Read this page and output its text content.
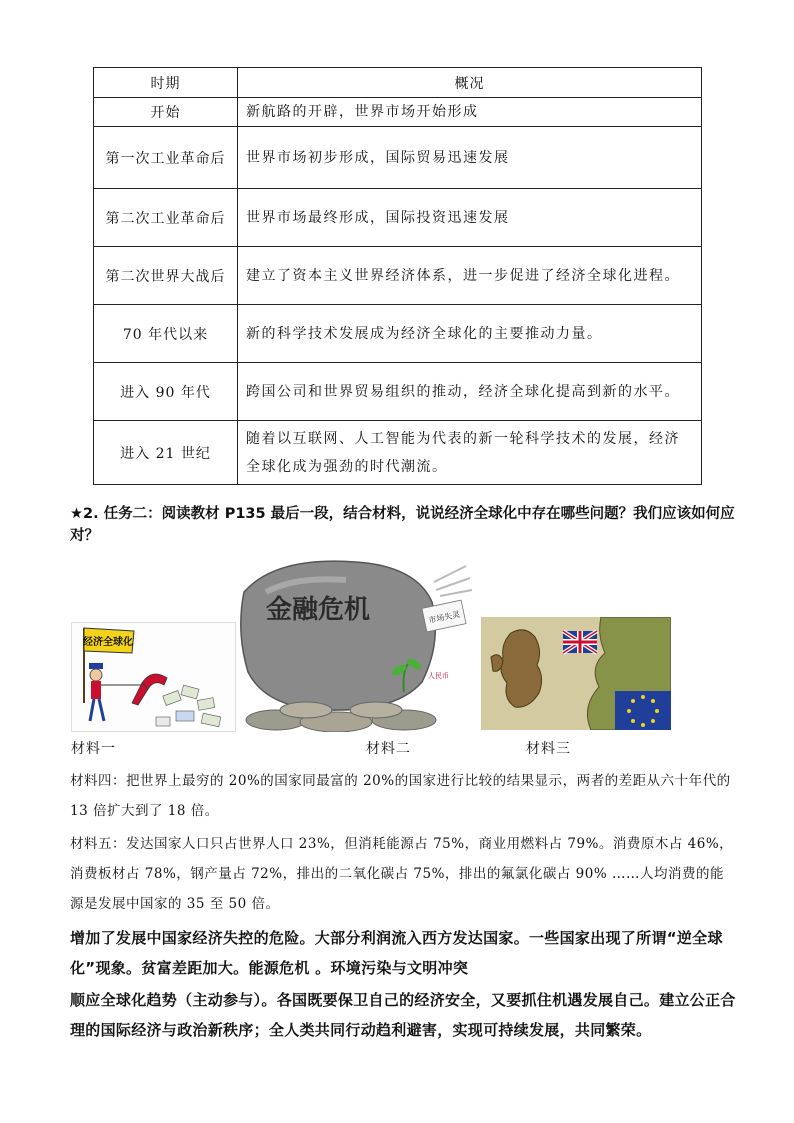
时期	概况
开始	新航路的开辟，世界市场开始形成
第一次工业革命后	世界市场初步形成，国际贸易迅速发展
第二次工业革命后	世界市场最终形成，国际投资迅速发展
第二次世界大战后	建立了资本主义世界经济体系，进一步促进了经济全球化进程。
70 年代以来	新的科学技术发展成为经济全球化的主要推动力量。
进入 90 年代	跨国公司和世界贸易组织的推动，经济全球化提高到新的水平。
进入 21 世纪	随着以互联网、人工智能为代表的新一轮科学技术的发展，经济全球化成为强劲的时代潮流。
★2. 任务二：阅读教材 P135 最后一段，结合材料，说说经济全球化中存在哪些问题？我们应该如何应对？
经济全球化
金融危机	市场失灵
人民币
材料一	材料二	材料三
材料四：把世界上最穷的 20%的国家同最富的 20%的国家进行比较的结果显示，两者的差距从六十年代的 13 倍扩大到了 18 倍。
材料五：发达国家人口只占世界人口 23%，但消耗能源占 75%，商业用燃料占 79%。消费原木占 46%，消费板材占 78%，钢产量占 72%，排出的二氧化碳占 75%，排出的氟氯化碳占 90% ……人均消费的能源是发展中国家的 35 至 50 倍。
增加了发展中国家经济失控的危险。大部分利润流入西方发达国家。一些国家出现了所谓“逆全球化”现象。贫富差距加大。能源危机 。环境污染与文明冲突
顺应全球化趋势（主动参与）。各国既要保卫自己的经济安全，又要抓住机遇发展自己。建立公正合理的国际经济与政治新秩序；全人类共同行动趋利避害，实现可持续发展，共同繁荣。
